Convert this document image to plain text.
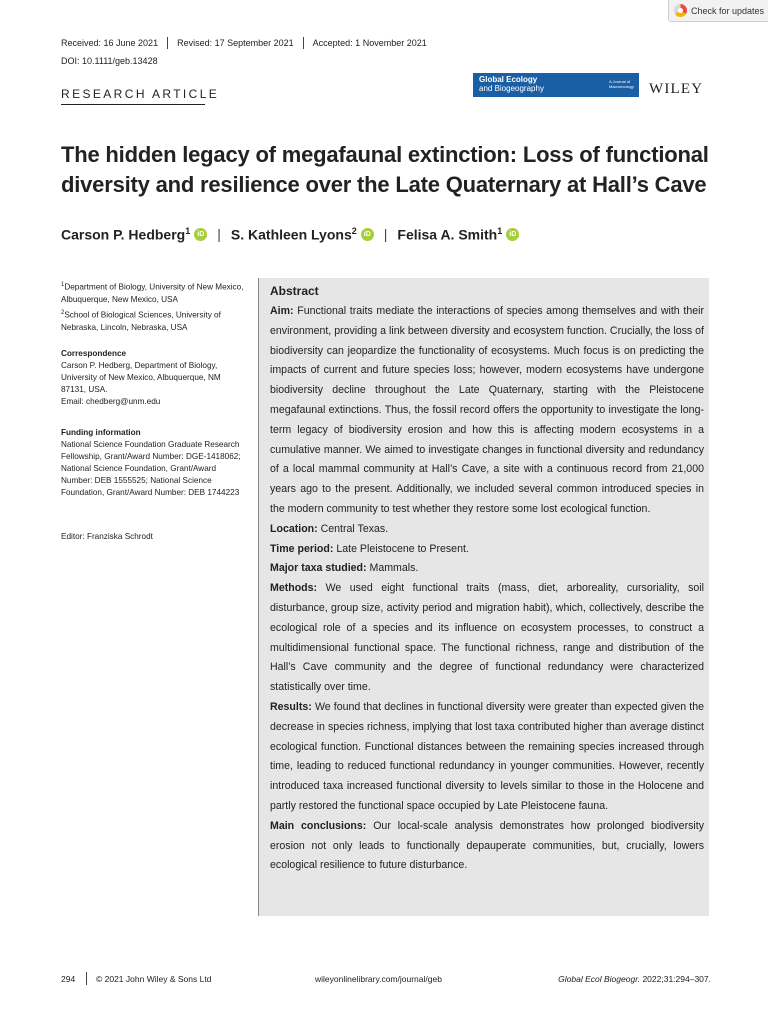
Check for updates
Received: 16 June 2021 Revised: 17 September 2021 Accepted: 1 November 2021
DOI: 10.1111/geb.13428
RESEARCH ARTICLE
Global Ecology
and Biogeography
A Journal of Macroecology WILEY
The hidden legacy of megafaunal extinction: Loss of functional diversity and resilience over the Late Quaternary at Hall’s Cave
Carson P. Hedberg$^1$	iD | S. Kathleen Lyons$^2$	iD | Felisa A. Smith$^1$	iD
$^1$Department of Biology, University of New Mexico, Albuquerque, New Mexico, USA
$^2$School of Biological Sciences, University of Nebraska, Lincoln, Nebraska, USA
Correspondence
Carson P. Hedberg, Department of Biology, University of New Mexico, Albuquerque, NM 87131, USA.
Email: chedberg@unm.edu
Funding information
National Science Foundation Graduate Research Fellowship, Grant/Award Number: DGE-1418062; National Science Foundation, Grant/Award Number: DEB 1555525; National Science Foundation, Grant/Award Number: DEB 1744223
Editor: Franziska Schrodt
Abstract

Aim: Functional traits mediate the interactions of species among themselves and with their environment, providing a link between diversity and ecosystem function. Crucially, the loss of biodiversity can jeopardize the functionality of ecosystems. Much focus is on predicting the impacts of current and future species loss; however, modern ecosystems have undergone biodiversity decline throughout the Late Quaternary, starting with the Pleistocene megafaunal extinctions. Thus, the fossil record offers the opportunity to investigate the long-term legacy of biodiversity erosion and how this is affecting modern ecosystems in a cumulative manner. We aimed to investigate changes in functional diversity and redundancy of a local mammal community at Hall’s Cave, a site with a continuous record from 21,000 years ago to the present. Additionally, we included several common introduced species in the modern community to test whether they restore some lost ecological function.

Location: Central Texas.

Time period: Late Pleistocene to Present.

Major taxa studied: Mammals.

Methods: We used eight functional traits (mass, diet, arboreality, cursoriality, soil disturbance, group size, activity period and migration habit), which, collectively, describe the ecological role of a species and its influence on ecosystem processes, to construct a multidimensional functional space. The functional richness, range and distribution of the Hall’s Cave community and the degree of functional redundancy were characterized statistically over time.

Results: We found that declines in functional diversity were greater than expected given the decrease in species richness, implying that lost taxa contributed higher than average distinct ecological function. Functional distances between the remaining species increased through time, leading to reduced functional redundancy in younger communities. However, recently introduced taxa increased functional diversity to levels similar to those in the Holocene and partly restored the functional space occupied by Late Pleistocene fauna.

Main conclusions: Our local-scale analysis demonstrates how prolonged biodiversity erosion not only leads to functionally depauperate communities, but, crucially, lowers ecological resilience to future disturbance.

294 © 2021 John Wiley & Sons Ltd	wileyonlinelibrary.com/journal/geb	Global Ecol Biogeogr. 2022;31:294–307.
